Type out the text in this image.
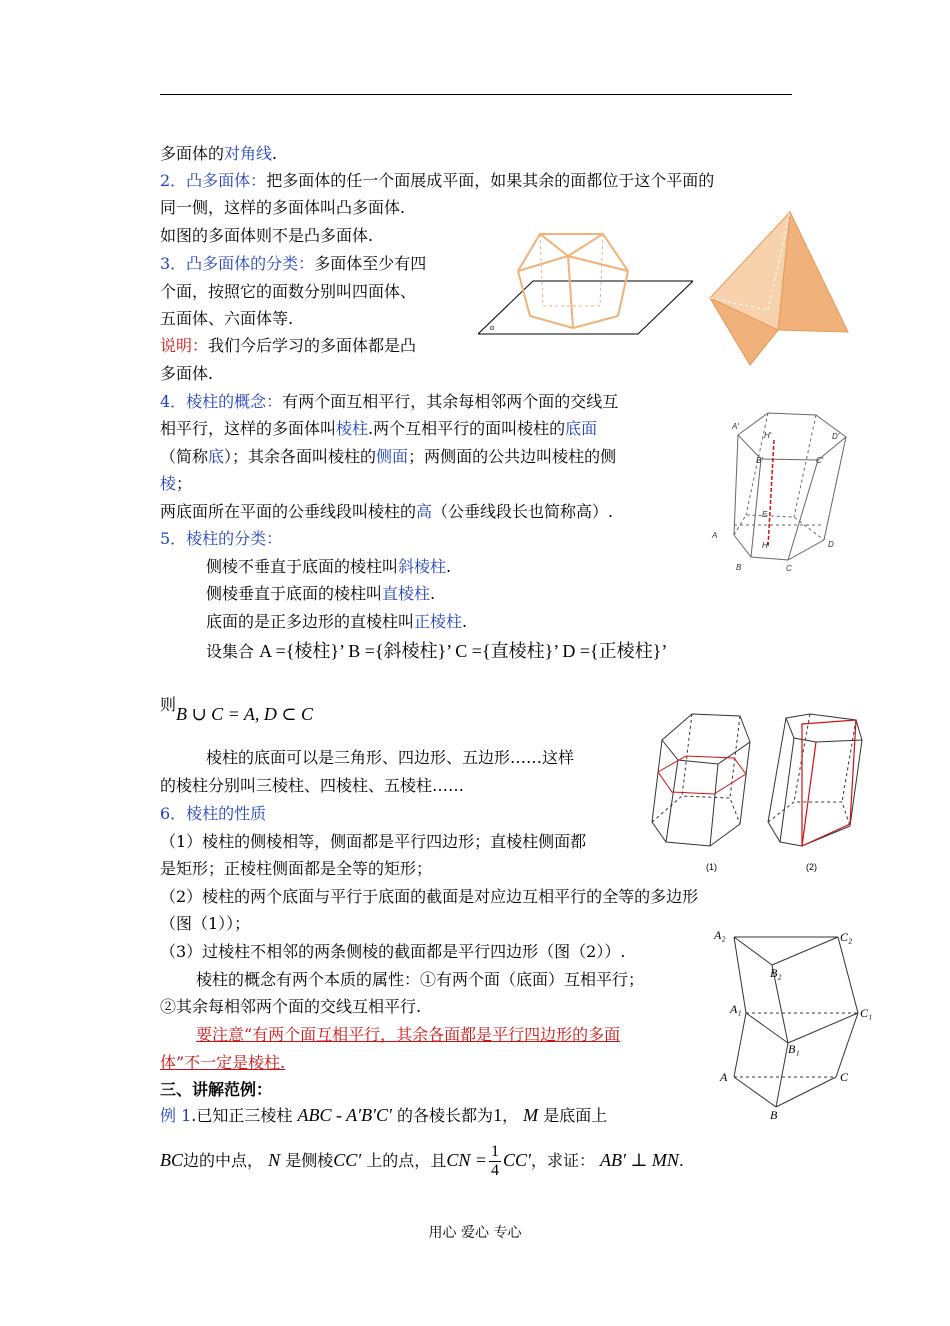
多面体的对角线.
2．凸多面体：把多面体的任一个面展成平面，如果其余的面都位于这个平面的
同一侧，这样的多面体叫凸多面体.
如图的多面体则不是凸多面体.
3．凸多面体的分类：多面体至少有四
个面，按照它的面数分别叫四面体、
五面体、六面体等.
说明：我们今后学习的多面体都是凸
多面体.
4．棱柱的概念：有两个面互相平行，其余每相邻两个面的交线互
相平行，这样的多面体叫棱柱.两个互相平行的面叫棱柱的底面
（简称底）；其余各面叫棱柱的侧面；两侧面的公共边叫棱柱的侧
棱；
两底面所在平面的公垂线段叫棱柱的高（公垂线段长也简称高）.
5．棱柱的分类：
侧棱不垂直于底面的棱柱叫斜棱柱.
侧棱垂直于底面的棱柱叫直棱柱.
底面的是正多边形的直棱柱叫正棱柱.
设集合 A ={棱柱}’ B ={斜棱柱}’ C ={直棱柱}’ D ={正棱柱}’
则B ∪ C = A, D ⊂ C
棱柱的底面可以是三角形、四边形、五边形……这样
的棱柱分别叫三棱柱、四棱柱、五棱柱……
6．棱柱的性质
（1）棱柱的侧棱相等，侧面都是平行四边形；直棱柱侧面都
是矩形；正棱柱侧面都是全等的矩形；
（2）棱柱的两个底面与平行于底面的截面是对应边互相平行的全等的多边形
（图（1））；
（3）过棱柱不相邻的两条侧棱的截面都是平行四边形（图（2））.
棱柱的概念有两个本质的属性：①有两个面（底面）互相平行；
②其余每相邻两个面的交线互相平行.
要注意“有两个面互相平行，其余各面都是平行四边形的多面
体”不一定是棱柱.
三、讲解范例：
例 1.已知正三棱柱 ABC - A′B′C′ 的各棱长都为1， M 是底面上
BC边的中点， N 是侧棱CC′ 上的点，且CN = $\frac{1}{4} CC'$，求证： AB′ ⊥ MN.
α
A′
D′
H′
B′	C′
E
H
A
D
B	C
(1)	(2)
A₂	C₂
B₂
A₁	C₁
B₁
A	C
B
用心 爱心 专心
